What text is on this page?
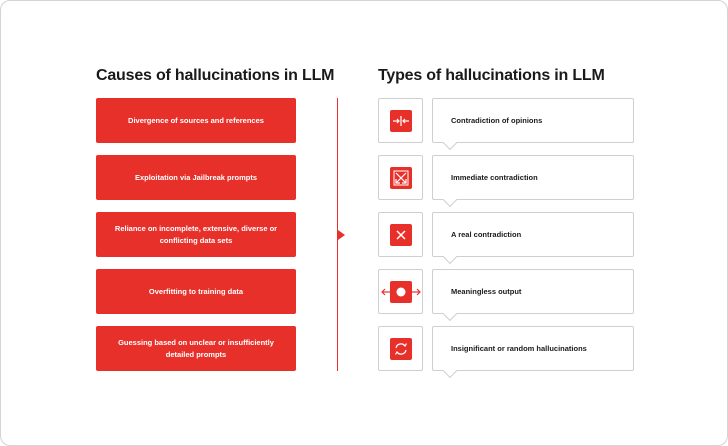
Causes of hallucinations in LLM	Types of hallucinations in LLM
Divergence of sources and references
Exploitation via Jailbreak prompts
Reliance on incomplete, extensive, diverse or conflicting data sets
Overfitting to training data
Guessing based on unclear or insufficiently detailed prompts
Contradiction of opinions
Immediate contradiction
A real contradiction
Meaningless output
Insignificant or random hallucinations
